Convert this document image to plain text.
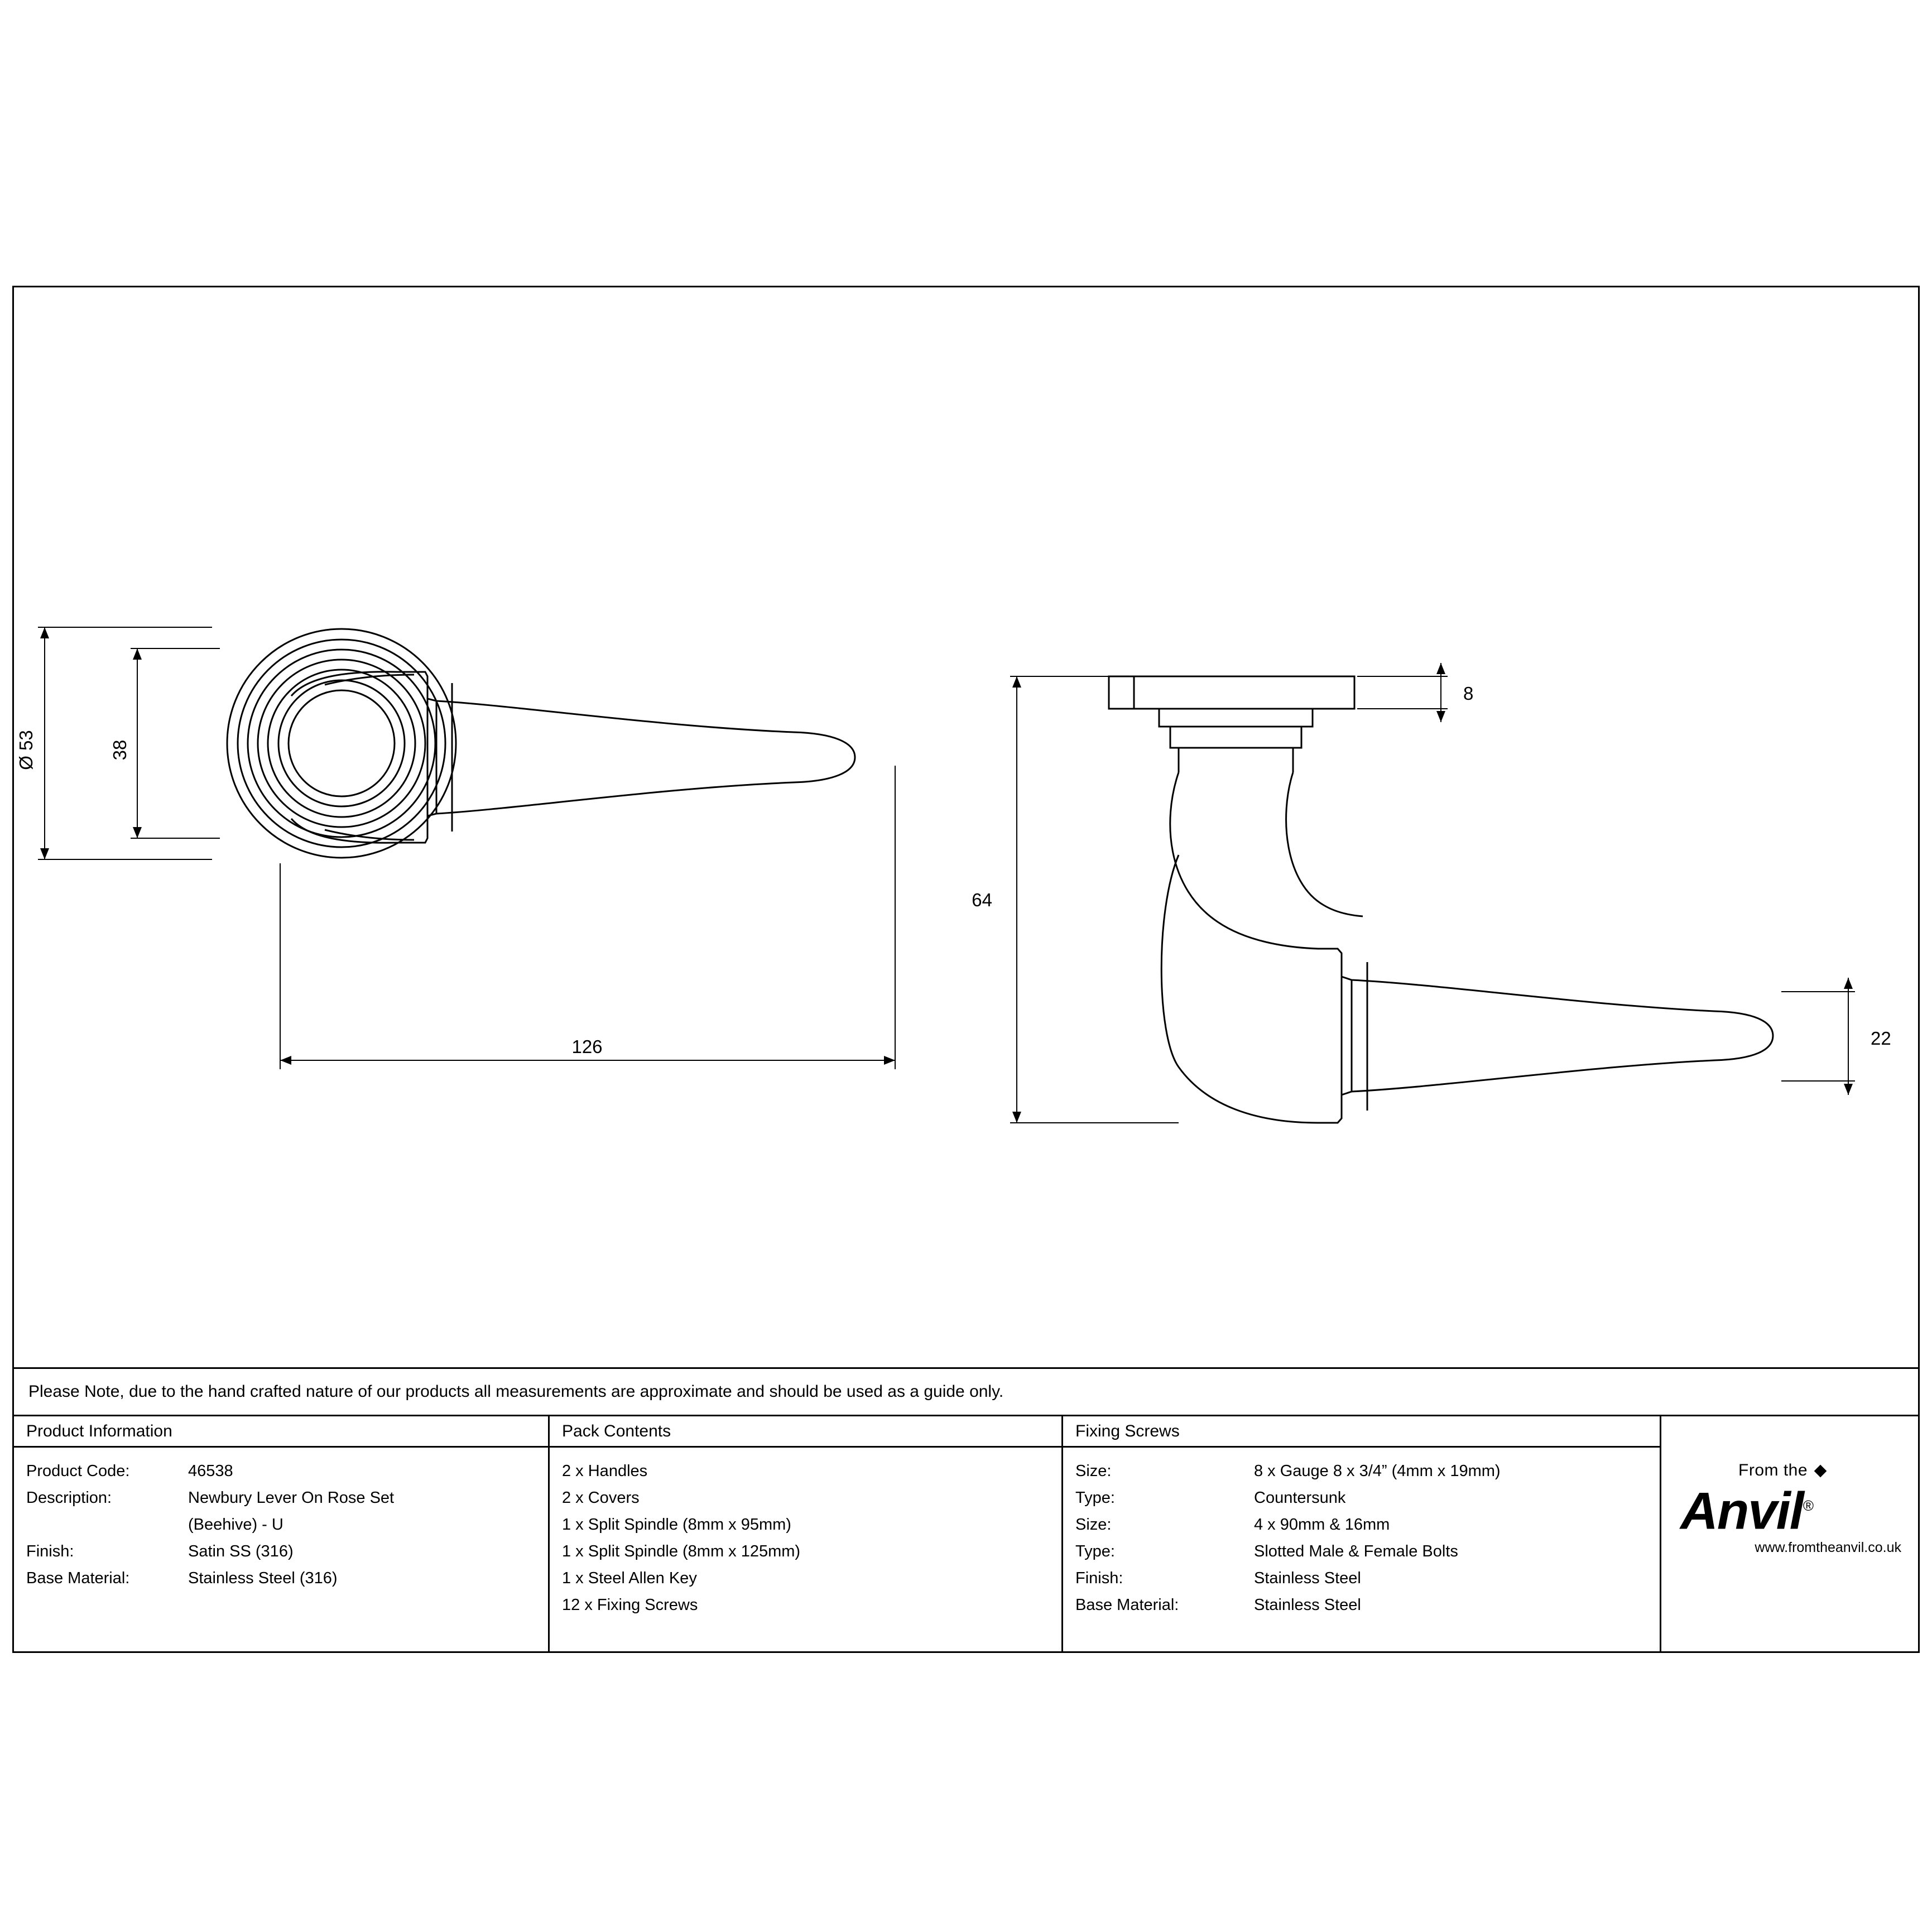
Ø 53	38
126
8
64
22
Please Note, due to the hand crafted nature of our products all measurements are approximate and should be used as a guide only.
Product Information
Product Code:	46538
Description:	Newbury Lever On Rose Set
(Beehive) - U
Finish:	Satin SS (316)
Base Material:	Stainless Steel (316)
Pack Contents
2 x Handles
2 x Covers
1 x Split Spindle (8mm x 95mm)
1 x Split Spindle (8mm x 125mm)
1 x Steel Allen Key
12 x Fixing Screws
Fixing Screws
Size:	8 x Gauge 8 x 3/4” (4mm x 19mm)
Type:	Countersunk
Size:	4 x 90mm & 16mm
Type:	Slotted Male & Female Bolts
Finish:	Stainless Steel
Base Material:	Stainless Steel
From the
Anvil®
www.fromtheanvil.co.uk
